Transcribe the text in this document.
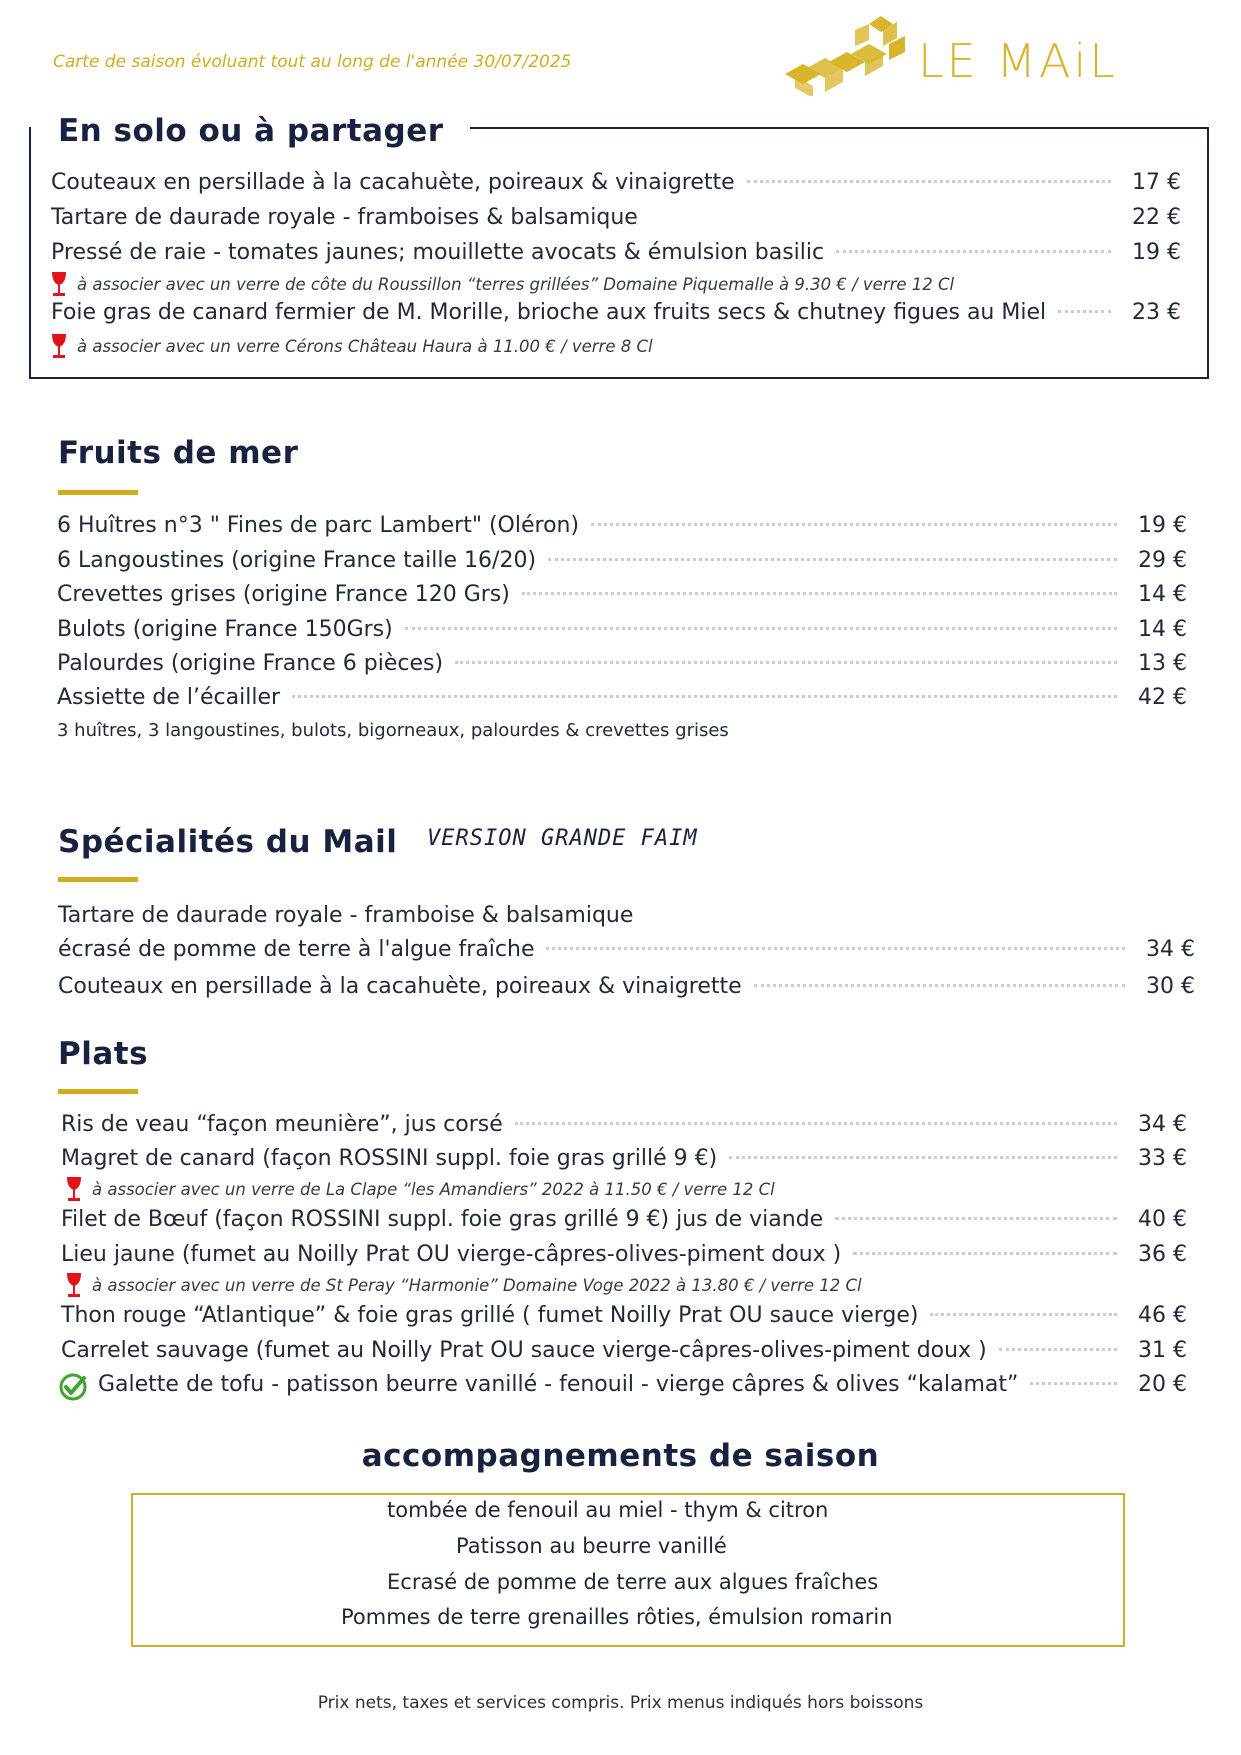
Carte de saison évoluant tout au long de l'année 30/07/2025	LE MAiL
En solo ou à partager
Couteaux en persillade à la cacahuète, poireaux & vinaigrette	17 €
Tartare de daurade royale - framboises & balsamique	22 €
Pressé de raie - tomates jaunes; mouillette avocats & émulsion basilic	19 €
à associer avec un verre de côte du Roussillon “terres grillées” Domaine Piquemalle à 9.30 € / verre 12 Cl
Foie gras de canard fermier de M. Morille, brioche aux fruits secs & chutney figues au Miel	23 €
à associer avec un verre Cérons Château Haura à 11.00 € / verre 8 Cl
Fruits de mer
6 Huîtres n°3 " Fines de parc Lambert" (Oléron)	19 €
6 Langoustines (origine France taille 16/20)	29 €
Crevettes grises (origine France 120 Grs)	14 €
Bulots (origine France 150Grs)	14 €
Palourdes (origine France 6 pièces)	13 €
Assiette de l’écailler	42 €
3 huîtres, 3 langoustines, bulots, bigorneaux, palourdes & crevettes grises
Spécialités du Mail VERSION GRANDE FAIM
Tartare de daurade royale - framboise & balsamique
écrasé de pomme de terre à l'algue fraîche	34 €
Couteaux en persillade à la cacahuète, poireaux & vinaigrette	30 €
Plats
Ris de veau “façon meunière”, jus corsé	34 €
Magret de canard (façon ROSSINI suppl. foie gras grillé 9 €)	33 €
à associer avec un verre de La Clape “les Amandiers” 2022 à 11.50 € / verre 12 Cl
Filet de Bœuf (façon ROSSINI suppl. foie gras grillé 9 €) jus de viande	40 €
Lieu jaune (fumet au Noilly Prat OU vierge-câpres-olives-piment doux )	36 €
à associer avec un verre de St Peray “Harmonie” Domaine Voge 2022 à 13.80 € / verre 12 Cl
Thon rouge “Atlantique” & foie gras grillé ( fumet Noilly Prat OU sauce vierge)	46 €
Carrelet sauvage (fumet au Noilly Prat OU sauce vierge-câpres-olives-piment doux )	31 €
Galette de tofu - patisson beurre vanillé - fenouil - vierge câpres & olives “kalamat”	20 €
accompagnements de saison
tombée de fenouil au miel - thym & citron
Patisson au beurre vanillé
Ecrasé de pomme de terre aux algues fraîches
Pommes de terre grenailles rôties, émulsion romarin
Prix nets, taxes et services compris. Prix menus indiqués hors boissons
